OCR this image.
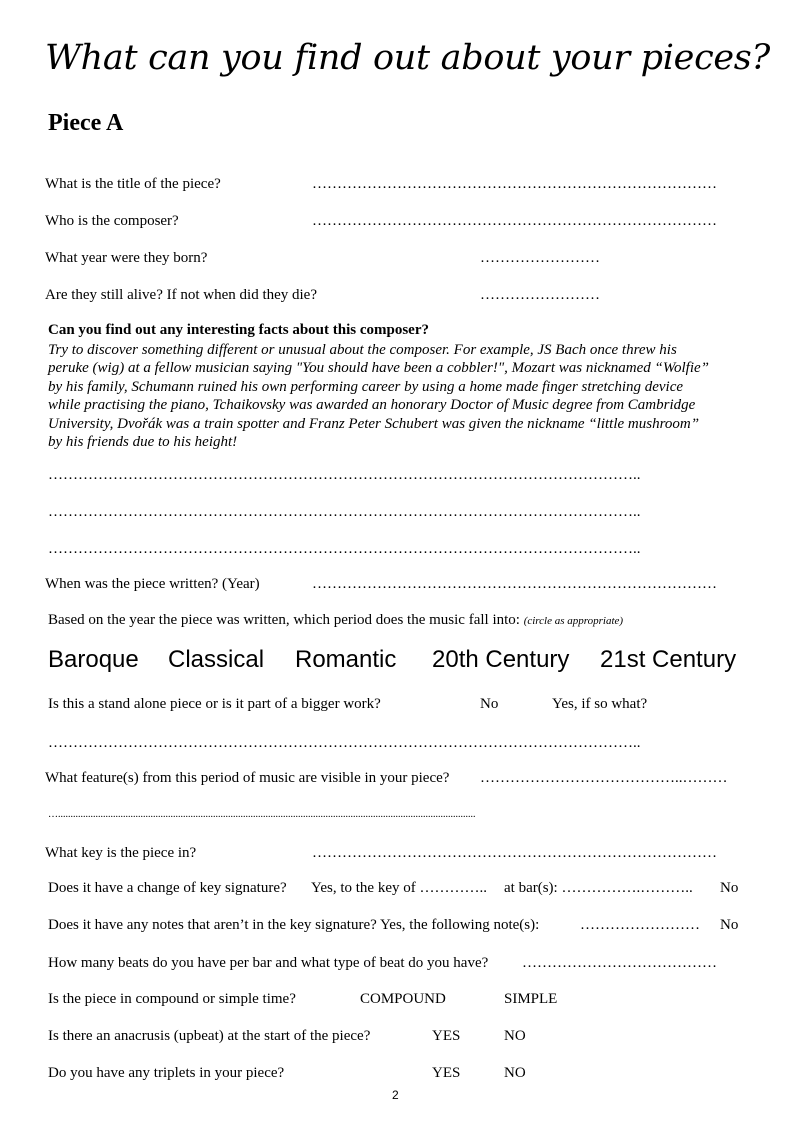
What can you find out about your pieces?
Piece A
What is the title of the piece?	………………………………………………………………………
Who is the composer?	………………………………………………………………………
What year were they born?	……………………
Are they still alive? If not when did they die?	……………………
Can you find out any interesting facts about this composer?
Try to discover something different or unusual about the composer. For example, JS Bach once threw his
peruke (wig) at a fellow musician saying "You should have been a cobbler!", Mozart was nicknamed “Wolfie”
by his family, Schumann ruined his own performing career by using a home made finger stretching device
while practising the piano, Tchaikovsky was awarded an honorary Doctor of Music degree from Cambridge
University, Dvořák was a train spotter and Franz Peter Schubert was given the nickname “little mushroom”
by his friends due to his height!
………………………………………………………………………………………………………..
………………………………………………………………………………………………………..
………………………………………………………………………………………………………..
When was the piece written? (Year)	………………………………………………………………………
Based on the year the piece was written, which period does the music fall into: (circle as appropriate)
Baroque Classical Romantic 20th Century 21st Century
Is this a stand alone piece or is it part of a bigger work?	No	Yes, if so what?
………………………………………………………………………………………………………..
What feature(s) from this period of music are visible in your piece? …………………………………..………
….......................................................................................................................................................................
What key is the piece in?	………………………………………………………………………
Does it have a change of key signature? Yes, to the key of ………….. at bar(s): …………….……….. No
Does it have any notes that aren’t in the key signature? Yes, the following note(s):	…………………… No
How many beats do you have per bar and what type of beat do you have? …………………………………
Is the piece in compound or simple time?	COMPOUND	SIMPLE
Is there an anacrusis (upbeat) at the start of the piece?	YES	NO
Do you have any triplets in your piece?	YES	NO
2
